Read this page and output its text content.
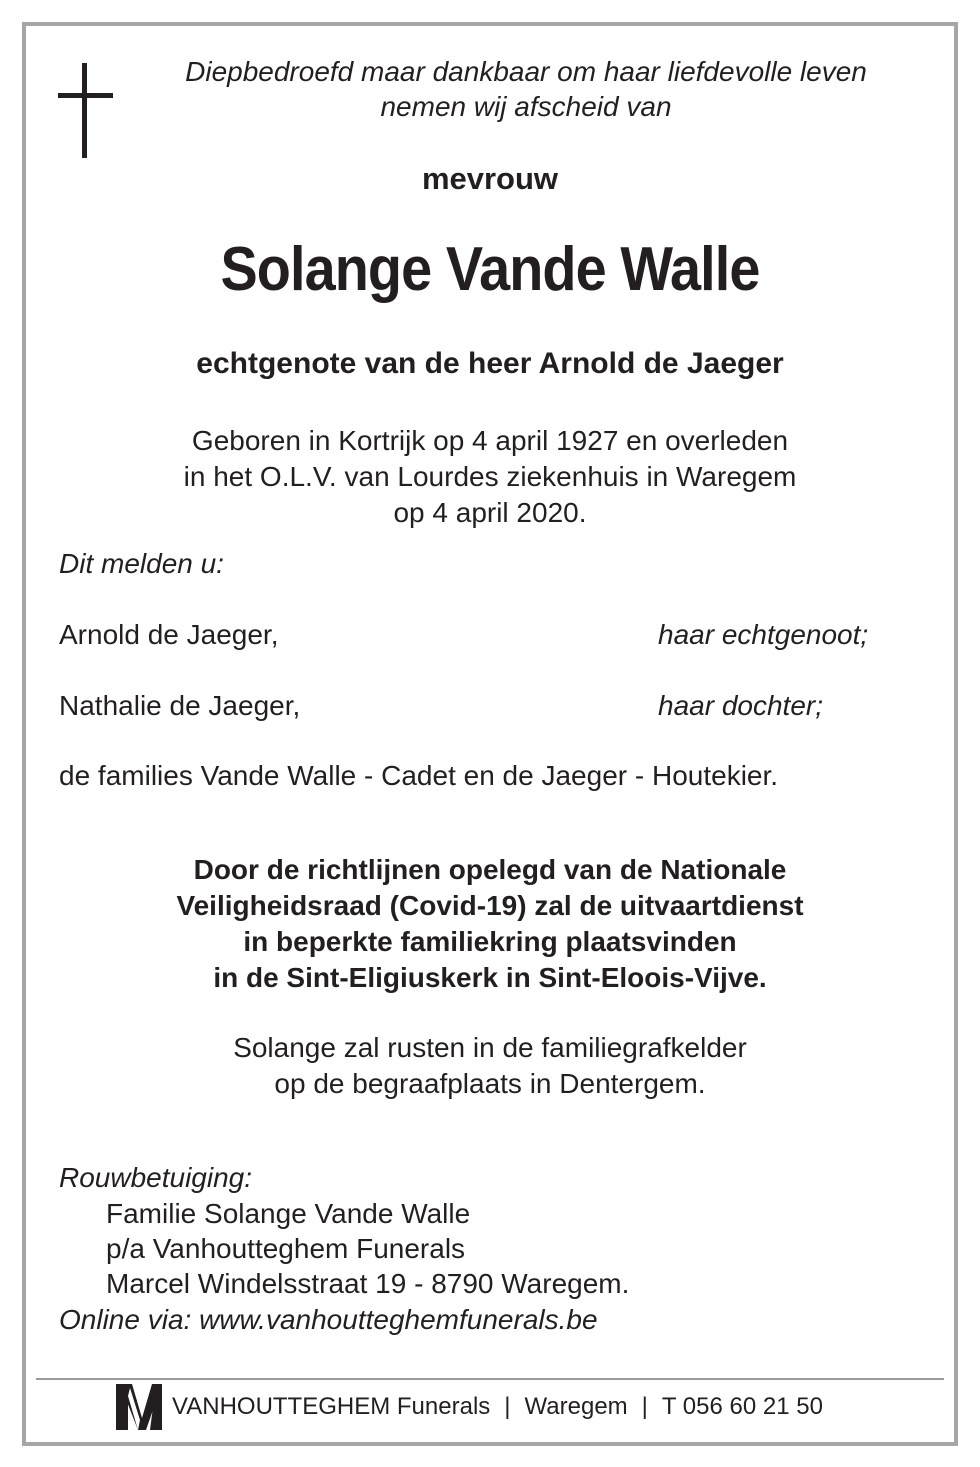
Diepbedroefd maar dankbaar om haar liefdevolle leven
nemen wij afscheid van
mevrouw
Solange Vande Walle
echtgenote van de heer Arnold de Jaeger
Geboren in Kortrijk op 4 april 1927 en overleden
in het O.L.V. van Lourdes ziekenhuis in Waregem
op 4 april 2020.
Dit melden u:
Arnold de Jaeger,	haar echtgenoot;
Nathalie de Jaeger,	haar dochter;
de families Vande Walle - Cadet en de Jaeger - Houtekier.
Door de richtlijnen opelegd van de Nationale
Veiligheidsraad (Covid-19) zal de uitvaartdienst
in beperkte familiekring plaatsvinden
in de Sint-Eligiuskerk in Sint-Eloois-Vijve.
Solange zal rusten in de familiegrafkelder
op de begraafplaats in Dentergem.
Rouwbetuiging:
Familie Solange Vande Walle
p/a Vanhoutteghem Funerals
Marcel Windelsstraat 19 - 8790 Waregem.
Online via: www.vanhoutteghemfunerals.be
VANHOUTTEGHEM Funerals | Waregem | T 056 60 21 50
